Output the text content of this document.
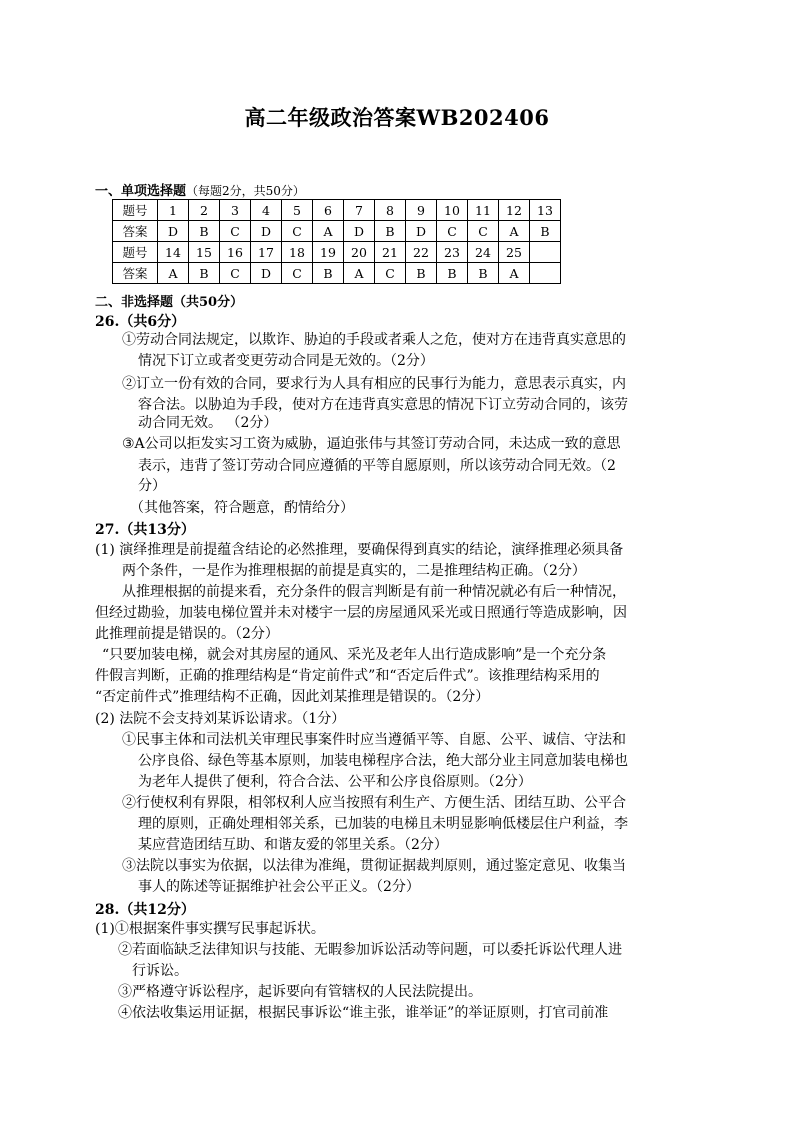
高二年级政治答案WB202406
一、单项选择题（每题2分，共50分）
题号	1	2	3	4	5	6	7	8	9	10	11	12	13
答案	D	B	C	D	C	A	D	B	D	C	C	A	B
题号	14	15	16	17	18	19	20	21	22	23	24	25	
答案	A	B	C	D	C	B	A	C	B	B	B	A	
二、非选择题（共50分）
26.（共6分）
①劳动合同法规定，以欺诈、胁迫的手段或者乘人之危，使对方在违背真实意思的
情况下订立或者变更劳动合同是无效的。（2分）
②订立一份有效的合同，要求行为人具有相应的民事行为能力，意思表示真实，内
容合法。以胁迫为手段，使对方在违背真实意思的情况下订立劳动合同的，该劳
动合同无效。 （2分）
③A公司以拒发实习工资为威胁，逼迫张伟与其签订劳动合同，未达成一致的意思
表示，违背了签订劳动合同应遵循的平等自愿原则，所以该劳动合同无效。（2
分）
（其他答案，符合题意，酌情给分）
27.（共13分）
(1) 演绎推理是前提蕴含结论的必然推理，要确保得到真实的结论，演绎推理必须具备
两个条件，一是作为推理根据的前提是真实的，二是推理结构正确。（2分）
从推理根据的前提来看，充分条件的假言判断是有前一种情况就必有后一种情况，
但经过勘验，加装电梯位置并未对楼宇一层的房屋通风采光或日照通行等造成影响，因
此推理前提是错误的。（2分）
“只要加装电梯，就会对其房屋的通风、采光及老年人出行造成影响”是一个充分条
件假言判断，正确的推理结构是“肯定前件式”和“否定后件式”。该推理结构采用的
“否定前件式”推理结构不正确，因此刘某推理是错误的。（2分）
(2) 法院不会支持刘某诉讼请求。（1分）
①民事主体和司法机关审理民事案件时应当遵循平等、自愿、公平、诚信、守法和
公序良俗、绿色等基本原则，加装电梯程序合法，绝大部分业主同意加装电梯也
为老年人提供了便利，符合合法、公平和公序良俗原则。（2分）
②行使权利有界限，相邻权利人应当按照有利生产、方便生活、团结互助、公平合
理的原则，正确处理相邻关系，已加装的电梯且未明显影响低楼层住户利益，李
某应营造团结互助、和谐友爱的邻里关系。（2分）
③法院以事实为依据，以法律为准绳，贯彻证据裁判原则，通过鉴定意见、收集当
事人的陈述等证据维护社会公平正义。（2分）
28.（共12分）
(1)①根据案件事实撰写民事起诉状。
②若面临缺乏法律知识与技能、无暇参加诉讼活动等问题，可以委托诉讼代理人进
行诉讼。
③严格遵守诉讼程序，起诉要向有管辖权的人民法院提出。
④依法收集运用证据，根据民事诉讼“谁主张，谁举证”的举证原则，打官司前准
